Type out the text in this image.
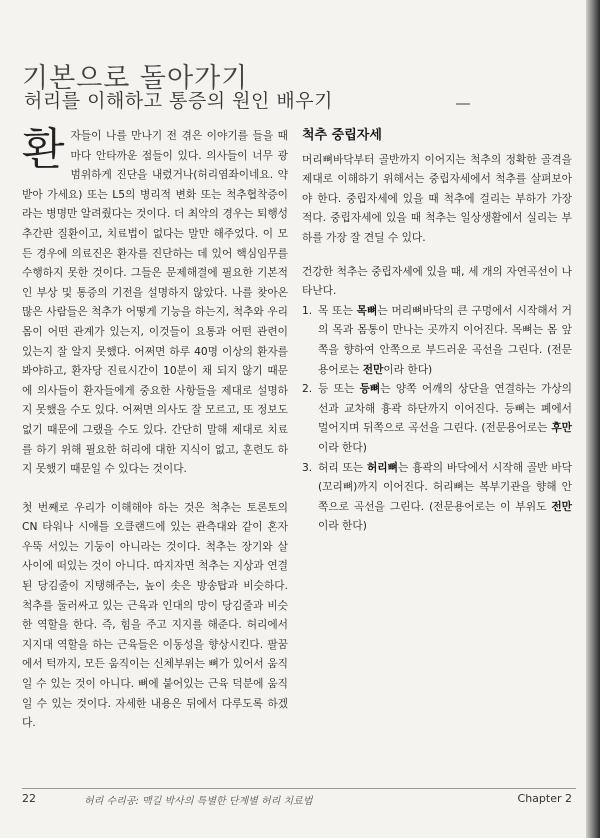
기본으로 돌아가기
허리를 이해하고 통증의 원인 배우기

환자들이 나를 만나기 전 겪은 이야기를 들을 때마다 안타까운 점들이 있다. 의사들이 너무 광범위하게 진단을 내렸거나(허리염좌이네요. 약 받아 가세요) 또는 L5의 병리적 변화 또는 척추협착증이라는 병명만 알려줬다는 것이다. 더 최악의 경우는 퇴행성 추간판 질환이고, 치료법이 없다는 말만 해주었다. 이 모든 경우에 의료진은 환자를 진단하는 데 있어 핵심임무를 수행하지 못한 것이다. 그들은 문제해결에 필요한 기본적인 부상 및 통증의 기전을 설명하지 않았다. 나를 찾아온 많은 사람들은 척추가 어떻게 기능을 하는지, 척추와 우리 몸이 어떤 관계가 있는지, 이것들이 요통과 어떤 관련이 있는지 잘 알지 못했다. 어쩌면 하루 40명 이상의 환자를 봐야하고, 환자당 진료시간이 10분이 채 되지 않기 때문에 의사들이 환자들에게 중요한 사항들을 제대로 설명하지 못했을 수도 있다. 어쩌면 의사도 잘 모르고, 또 정보도 없기 때문에 그랬을 수도 있다. 간단히 말해 제대로 치료를 하기 위해 필요한 허리에 대한 지식이 없고, 훈련도 하지 못했기 때문일 수 있다는 것이다.

첫 번째로 우리가 이해해야 하는 것은 척추는 토론토의 CN 타워나 시애틀 오클랜드에 있는 관측대와 같이 혼자 우뚝 서있는 기둥이 아니라는 것이다. 척추는 장기와 살 사이에 떠있는 것이 아니다. 따지자면 척추는 지상과 연결된 당김줄이 지탱해주는, 높이 솟은 방송탑과 비슷하다. 척추를 둘러싸고 있는 근육과 인대의 망이 당김줄과 비슷한 역할을 한다. 즉, 힘을 주고 지지를 해준다. 허리에서 지지대 역할을 하는 근육들은 이동성을 향상시킨다. 팔꿈에서 턱까지, 모든 움직이는 신체부위는 뼈가 있어서 움직일 수 있는 것이 아니다. 뼈에 붙어있는 근육 덕분에 움직일 수 있는 것이다. 자세한 내용은 뒤에서 다루도록 하겠다.

척추 중립자세

머리뼈바닥부터 골반까지 이어지는 척추의 정확한 골격을 제대로 이해하기 위해서는 중립자세에서 척추를 살펴보아야 한다. 중립자세에 있을 때 척추에 걸리는 부하가 가장 적다. 중립자세에 있을 때 척추는 일상생활에서 실리는 부하를 가장 잘 견딜 수 있다.

건강한 척추는 중립자세에 있을 때, 세 개의 자연곡선이 나타난다.

1. 목 또는 목뼈는 머리뼈바닥의 큰 구멍에서 시작해서 거의 목과 몸통이 만나는 곳까지 이어진다. 목뼈는 몸 앞쪽을 향하여 안쪽으로 부드러운 곡선을 그린다. (전문용어로는 전만이라 한다)
2. 등 또는 등뼈는 양쪽 어깨의 상단을 연결하는 가상의 선과 교차해 흉곽 하단까지 이어진다. 등뼈는 폐에서 멀어지며 뒤쪽으로 곡선을 그린다. (전문용어로는 후만이라 한다)
3. 허리 또는 허리뼈는 흉곽의 바닥에서 시작해 골반 바닥(꼬리뼈)까지 이어진다. 허리뼈는 복부기관을 향해 안쪽으로 곡선을 그린다. (전문용어로는 이 부위도 전만이라 한다)
22	허리 수리공: 맥길 박사의 특별한 단계별 허리 치료법	Chapter 2
